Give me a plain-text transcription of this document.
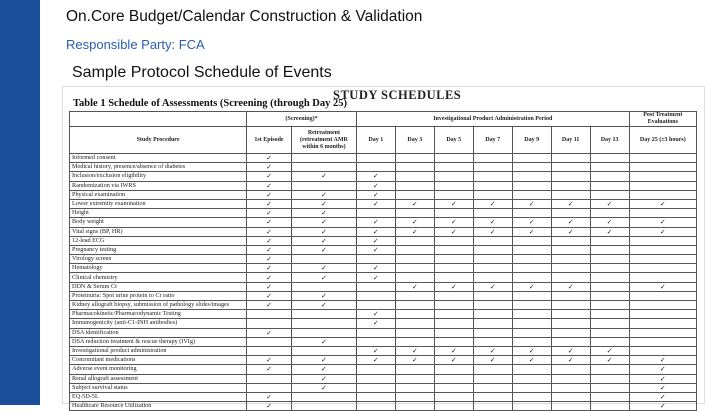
On.Core Budget/Calendar Construction & Validation
Responsible Party: FCA
Sample Protocol Schedule of Events
STUDY SCHEDULES
Table 1 Schedule of Assessments (Screening (through Day 25)
	(Screening)*		Investigational Product Administration Period							Post Treatment Evaluations
Study Procedure	1st Episode	Retreatment (retreatment AMR within 6 months)	Day 1	Day 3	Day 5	Day 7	Day 9	Day 11	Day 13	Day 25 (±3 hours)
Informed consent	✓									
Medical history, presence/absence of diabetes	✓									
Inclusion/exclusion eligibility	✓	✓	✓							
Randomization via IWRS	✓		✓							
Physical examination	✓	✓	✓							
Lower extremity examination	✓	✓	✓	✓	✓	✓	✓	✓	✓	✓
Height	✓	✓								
Body weight	✓	✓	✓	✓	✓	✓	✓	✓	✓	✓
Vital signs (BP, HR)	✓	✓	✓	✓	✓	✓	✓	✓	✓	✓
12-lead ECG	✓	✓	✓							
Pregnancy testing	✓	✓	✓							
Virology screen	✓									
Hematology	✓	✓	✓							
Clinical chemistry	✓	✓	✓							
DDN & Serum Cr	✓			✓	✓	✓	✓	✓		✓
Proteinuria: Spot urine protein to Cr ratio	✓	✓								
Kidney allograft biopsy, submission of pathology slides/images	✓	✓								
Pharmacokinetic/Pharmacodynamic Testing			✓							
Immunogenicity (anti-C1-INH antibodies)			✓							
DSA identification	✓									
DSA reduction treatment & rescue therapy (IVIg)		✓								
Investigational product administration			✓	✓	✓	✓	✓	✓	✓	
Concomitant medications	✓	✓	✓	✓	✓	✓	✓	✓	✓	✓
Adverse event monitoring	✓	✓								✓
Renal allograft assessment		✓								✓
Subject survival status		✓								✓
EQ-5D-5L	✓									✓
Healthcare Resource Utilization	✓									✓
